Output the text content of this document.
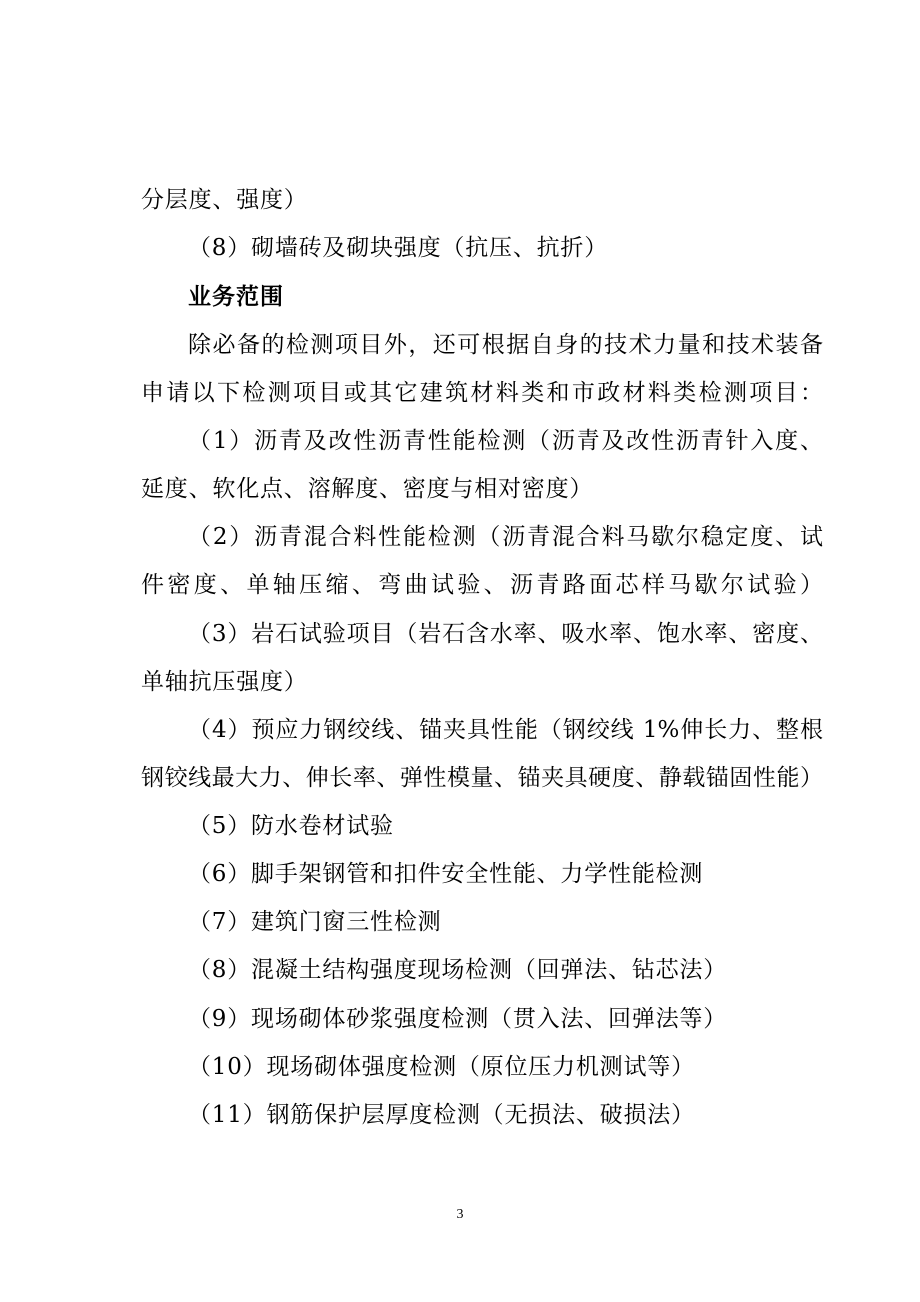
分层度、强度）
（8）砌墙砖及砌块强度（抗压、抗折）
业务范围
除必备的检测项目外，还可根据自身的技术力量和技术装备
申请以下检测项目或其它建筑材料类和市政材料类检测项目：
（1）沥青及改性沥青性能检测（沥青及改性沥青针入度、
延度、软化点、溶解度、密度与相对密度）
（2）沥青混合料性能检测（沥青混合料马歇尔稳定度、试
件密度、单轴压缩、弯曲试验、沥青路面芯样马歇尔试验）
（3）岩石试验项目（岩石含水率、吸水率、饱水率、密度、
单轴抗压强度）
（4）预应力钢绞线、锚夹具性能（钢绞线 1%伸长力、整根
钢铰线最大力、伸长率、弹性模量、锚夹具硬度、静载锚固性能）
（5）防水卷材试验
（6）脚手架钢管和扣件安全性能、力学性能检测
（7）建筑门窗三性检测
（8）混凝土结构强度现场检测（回弹法、钻芯法）
（9）现场砌体砂浆强度检测（贯入法、回弹法等）
（10）现场砌体强度检测（原位压力机测试等）
（11）钢筋保护层厚度检测（无损法、破损法）
3
